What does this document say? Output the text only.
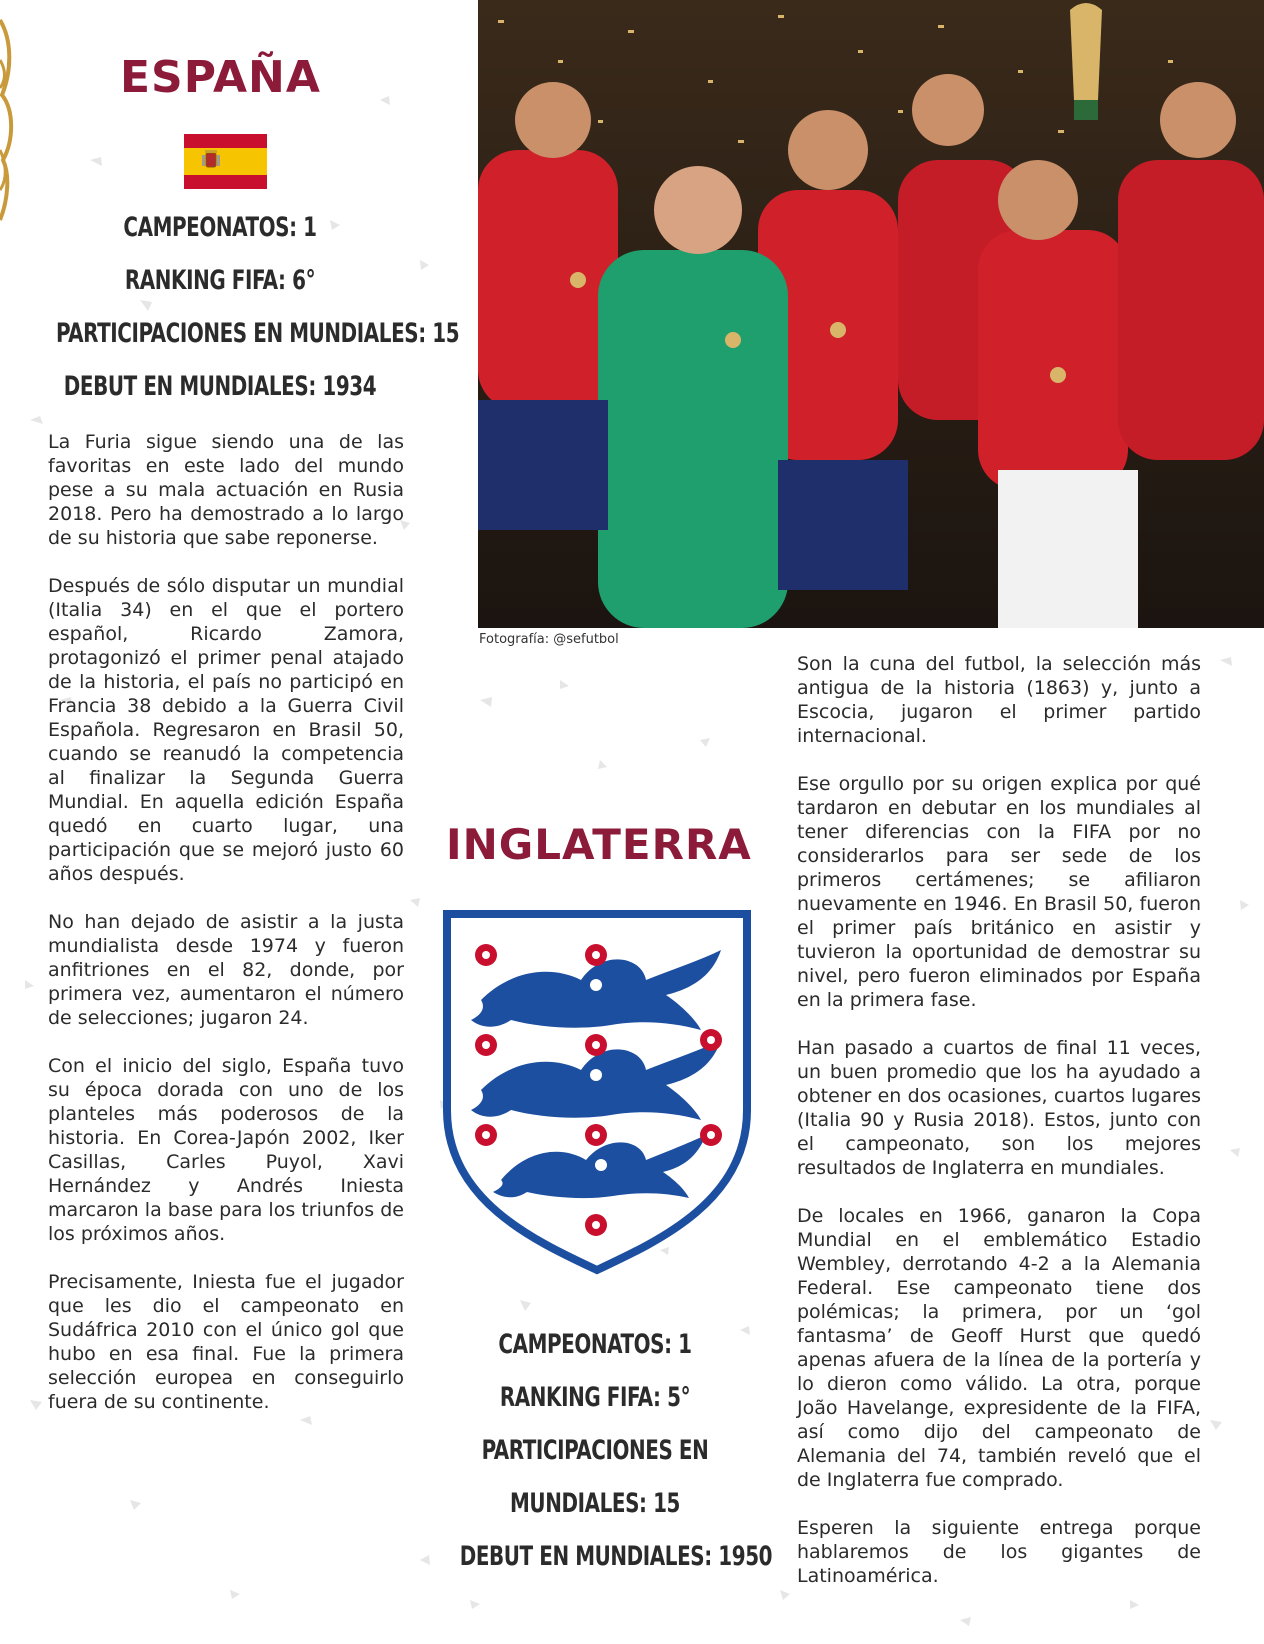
ESPAÑA
CAMPEONATOS: 1
RANKING FIFA: 6°
PARTICIPACIONES EN MUNDIALES: 15
DEBUT EN MUNDIALES: 1934

La Furia sigue siendo una de las favoritas en este lado del mundo pese a su mala actuación en Rusia 2018. Pero ha demostrado a lo largo de su historia que sabe reponerse.

Después de sólo disputar un mundial (Italia 34) en el que el portero español, Ricardo Zamora, protagonizó el primer penal atajado de la historia, el país no participó en Francia 38 debido a la Guerra Civil Española. Regresaron en Brasil 50, cuando se reanudó la competencia al finalizar la Segunda Guerra Mundial. En aquella edición España quedó en cuarto lugar, una participación que se mejoró justo 60 años después.

No han dejado de asistir a la justa mundialista desde 1974 y fueron anfitriones en el 82, donde, por primera vez, aumentaron el número de selecciones; jugaron 24.

Con el inicio del siglo, España tuvo su época dorada con uno de los planteles más poderosos de la historia. En Corea-Japón 2002, Iker Casillas, Carles Puyol, Xavi Hernández y Andrés Iniesta marcaron la base para los triunfos de los próximos años.

Precisamente, Iniesta fue el jugador que les dio el campeonato en Sudáfrica 2010 con el único gol que hubo en esa final. Fue la primera selección europea en conseguirlo fuera de su continente.

Fotografía: @sefutbol
INGLATERRA
CAMPEONATOS: 1
RANKING FIFA: 5°
PARTICIPACIONES EN
MUNDIALES: 15
DEBUT EN MUNDIALES: 1950

Son la cuna del futbol, la selección más antigua de la historia (1863) y, junto a Escocia, jugaron el primer partido internacional.

Ese orgullo por su origen explica por qué tardaron en debutar en los mundiales al tener diferencias con la FIFA por no considerarlos para ser sede de los primeros certámenes; se afiliaron nuevamente en 1946. En Brasil 50, fueron el primer país británico en asistir y tuvieron la oportunidad de demostrar su nivel, pero fueron eliminados por España en la primera fase.

Han pasado a cuartos de final 11 veces, un buen promedio que los ha ayudado a obtener en dos ocasiones, cuartos lugares (Italia 90 y Rusia 2018). Estos, junto con el campeonato, son los mejores resultados de Inglaterra en mundiales.

De locales en 1966, ganaron la Copa Mundial en el emblemático Estadio Wembley, derrotando 4-2 a la Alemania Federal. Ese campeonato tiene dos polémicas; la primera, por un ‘gol fantasma’ de Geoff Hurst que quedó apenas afuera de la línea de la portería y lo dieron como válido. La otra, porque João Havelange, expresidente de la FIFA, así como dijo del campeonato de Alemania del 74, también reveló que el de Inglaterra fue comprado.

Esperen la siguiente entrega porque hablaremos de los gigantes de Latinoamérica.
